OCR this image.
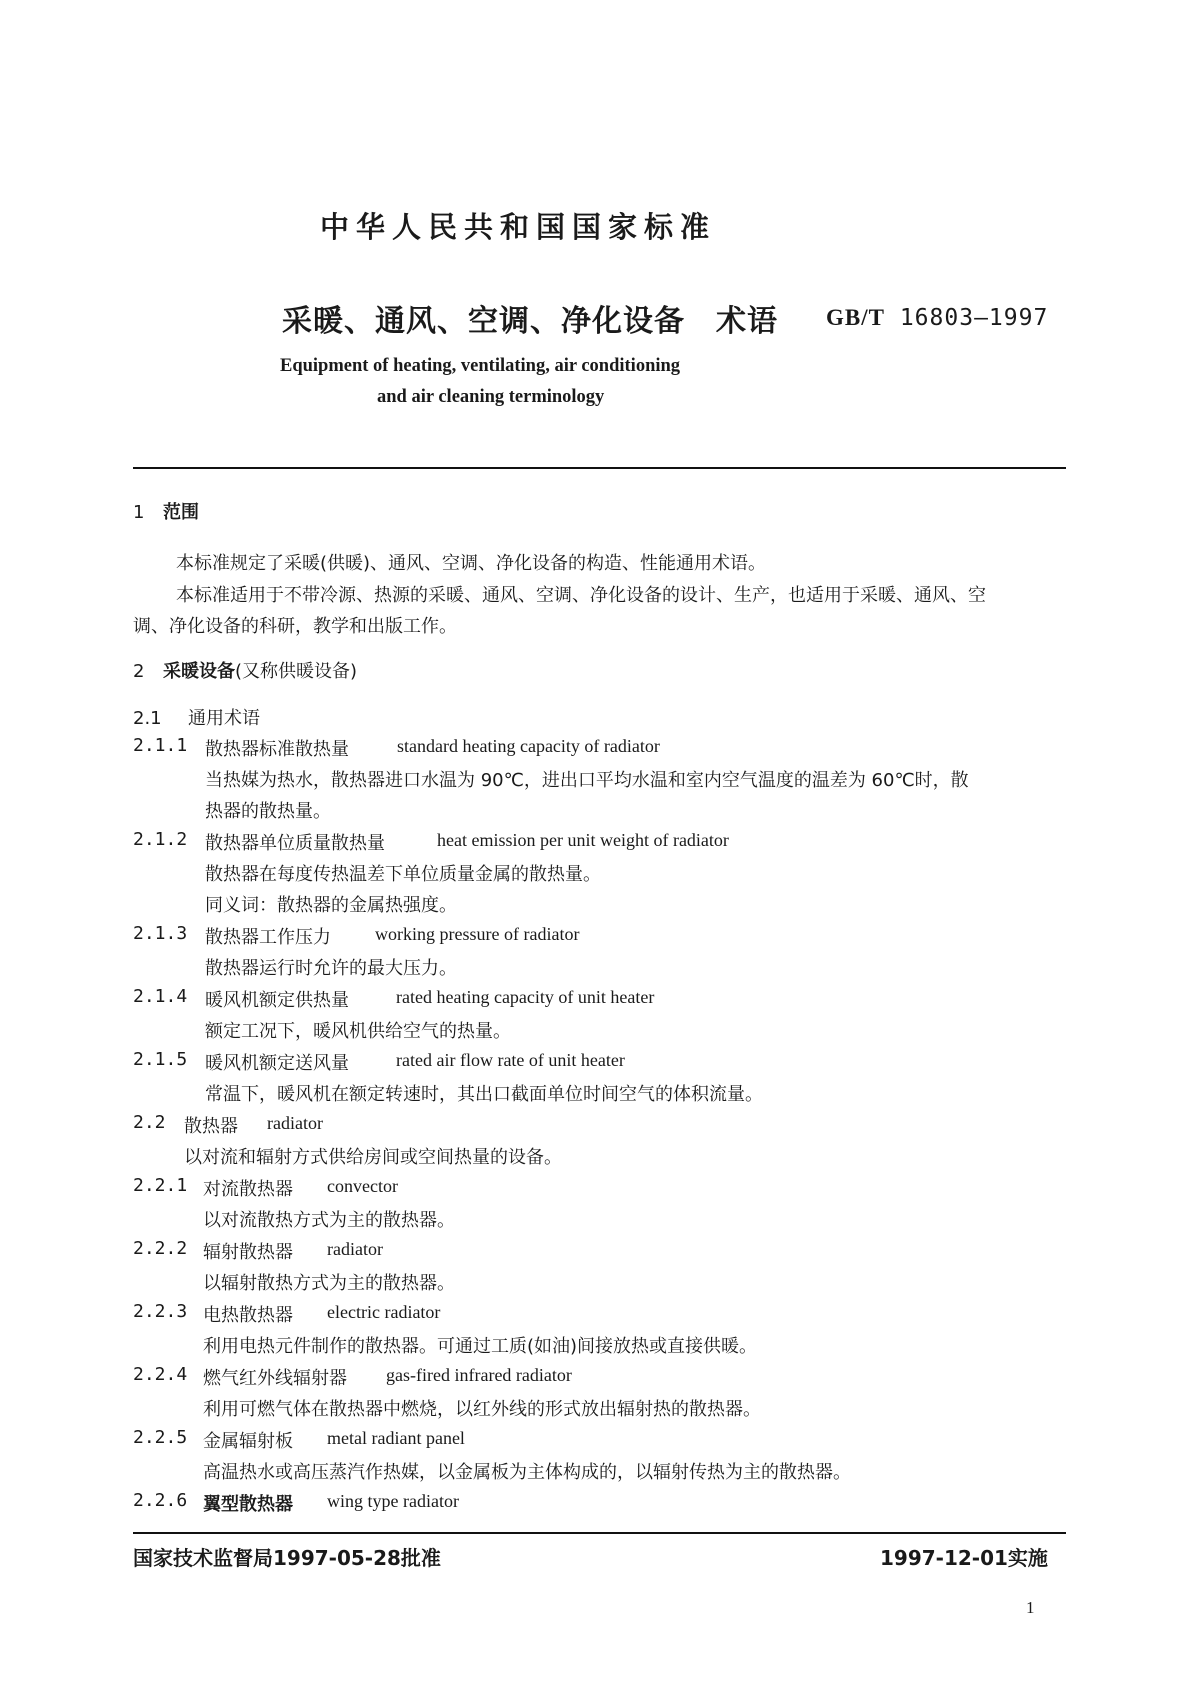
中华人民共和国国家标准
采暖、通风、空调、净化设备　术语 GB/T 16803—1997
Equipment of heating, ventilating, air conditioning
and air cleaning terminology
1 范围
本标准规定了采暖(供暖)、通风、空调、净化设备的构造、性能通用术语。
本标准适用于不带冷源、热源的采暖、通风、空调、净化设备的设计、生产，也适用于采暖、通风、空
调、净化设备的科研，教学和出版工作。
2 采暖设备(又称供暖设备)
2.1 通用术语
2.1.1 散热器标准散热量	standard heating capacity of radiator
当热媒为热水，散热器进口水温为 90℃，进出口平均水温和室内空气温度的温差为 60℃时，散
热器的散热量。
2.1.2 散热器单位质量散热量	heat emission per unit weight of radiator
散热器在每度传热温差下单位质量金属的散热量。
同义词：散热器的金属热强度。
2.1.3 散热器工作压力 working pressure of radiator
散热器运行时允许的最大压力。
2.1.4 暖风机额定供热量	rated heating capacity of unit heater
额定工况下，暖风机供给空气的热量。
2.1.5 暖风机额定送风量	rated air flow rate of unit heater
常温下，暖风机在额定转速时，其出口截面单位时间空气的体积流量。
2.2 散热器 radiator
以对流和辐射方式供给房间或空间热量的设备。
2.2.1 对流散热器 convector
以对流散热方式为主的散热器。
2.2.2 辐射散热器 radiator
以辐射散热方式为主的散热器。
2.2.3 电热散热器 electric radiator
利用电热元件制作的散热器。可通过工质(如油)间接放热或直接供暖。
2.2.4 燃气红外线辐射器 gas-fired infrared radiator
利用可燃气体在散热器中燃烧，以红外线的形式放出辐射热的散热器。
2.2.5 金属辐射板 metal radiant panel
高温热水或高压蒸汽作热媒，以金属板为主体构成的，以辐射传热为主的散热器。
2.2.6 翼型散热器 wing type radiator
国家技术监督局1997-05-28批准	1997-12-01实施
1
